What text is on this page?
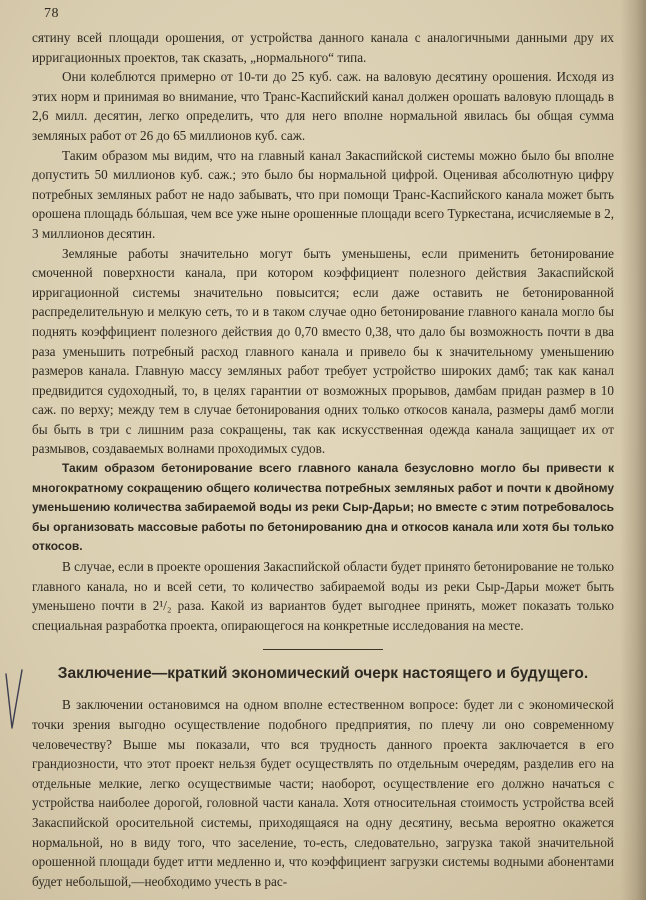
78

сятину всей площади орошения, от устройства данного канала с аналогичными данными дру их ирригационных проектов, так сказать, „нормального“ типа.

Они колеблются примерно от 10-ти до 25 куб. саж. на валовую десятину орошения. Исходя из этих норм и принимая во внимание, что Транс-Каспийский канал должен орошать валовую площадь в 2,6 милл. десятин, легко определить, что для него вполне нормальной явилась бы общая сумма земляных работ от 26 до 65 миллионов куб. саж.

Таким образом мы видим, что на главный канал Закаспийской системы можно было бы вполне допустить 50 миллионов куб. саж.; это было бы нормальной цифрой. Оценивая абсолютную цифру потребных земляных работ не надо забывать, что при помощи Транс-Каспийского канала может быть орошена площадь бóльшая, чем все уже ныне орошенные площади всего Туркестана, исчисляемые в 2, 3 миллионов десятин.

Земляные работы значительно могут быть уменьшены, если применить бетонирование смоченной поверхности канала, при котором коэффициент полезного действия Закаспийской ирригационной системы значительно повысится; если даже оставить не бетонированной распределительную и мелкую сеть, то и в таком случае одно бетонирование главного канала могло бы поднять коэффициент полезного действия до 0,70 вместо 0,38, что дало бы возможность почти в два раза уменьшить потребный расход главного канала и привело бы к значительному уменьшению размеров канала. Главную массу земляных работ требует устройство широких дамб; так как канал предвидится судоходный, то, в целях гарантии от возможных прорывов, дамбам придан размер в 10 саж. по верху; между тем в случае бетонирования одних только откосов канала, размеры дамб могли бы быть в три с лишним раза сокращены, так как искусственная одежда канала защищает их от размывов, создаваемых волнами проходимых судов.

Таким образом бетонирование всего главного канала безусловно могло бы привести к многократному сокращению общего количества потребных земляных работ и почти к двойному уменьшению количества забираемой воды из реки Сыр-Дарьи; но вместе с этим потребовалось бы организовать массовые работы по бетонированию дна и откосов канала или хотя бы только откосов.

В случае, если в проекте орошения Закаспийской области будет принято бетонирование не только главного канала, но и всей сети, то количество забираемой воды из реки Сыр-Дарьи может быть уменьшено почти в 2¹/₂ раза. Какой из вариантов будет выгоднее принять, может показать только специальная разработка проекта, опирающегося на конкретные исследования на месте.

Заключение—краткий экономический очерк настоящего и будущего.

В заключении остановимся на одном вполне естественном вопросе: будет ли с экономической точки зрения выгодно осуществление подобного предприятия, по плечу ли оно современному человечеству? Выше мы показали, что вся трудность данного проекта заключается в его грандиозности, что этот проект нельзя будет осуществлять по отдельным очередям, разделив его на отдельные мелкие, легко осуществимые части; наоборот, осуществление его должно начаться с устройства наиболее дорогой, головной части канала. Хотя относительная стоимость устройства всей Закаспийской оросительной системы, приходящаяся на одну десятину, весьма вероятно окажется нормальной, но в виду того, что заселение, то-есть, следовательно, загрузка такой значительной орошенной площади будет итти медленно и, что коэффициент загрузки системы водными абонентами будет небольшой,—необходимо учесть в рас-
